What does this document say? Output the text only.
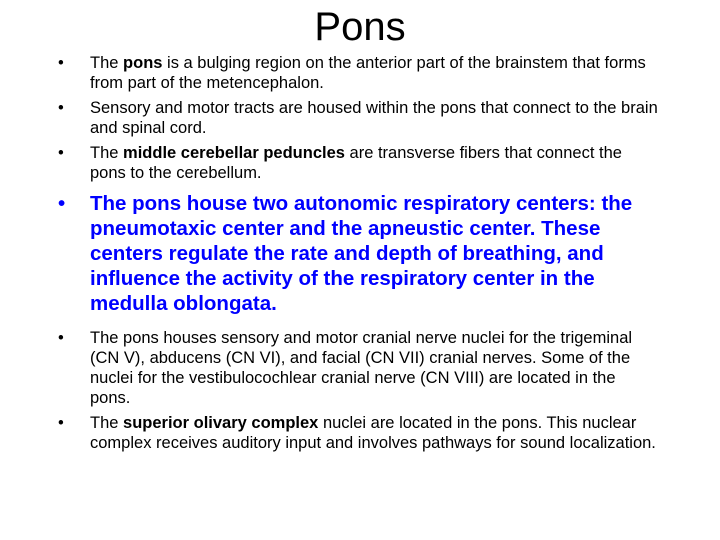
Pons
• The pons is a bulging region on the anterior part of the brainstem that forms from part of the metencephalon.
• Sensory and motor tracts are housed within the pons that connect to the brain and spinal cord.
• The middle cerebellar peduncles are transverse fibers that connect the pons to the cerebellum.
• The pons house two autonomic respiratory centers: the pneumotaxic center and the apneustic center. These centers regulate the rate and depth of breathing, and influence the activity of the respiratory center in the medulla oblongata.
• The pons houses sensory and motor cranial nerve nuclei for the trigeminal (CN V), abducens (CN VI), and facial (CN VII) cranial nerves. Some of the nuclei for the vestibulocochlear cranial nerve (CN VIII) are located in the pons.
• The superior olivary complex nuclei are located in the pons. This nuclear complex receives auditory input and involves pathways for sound localization.
